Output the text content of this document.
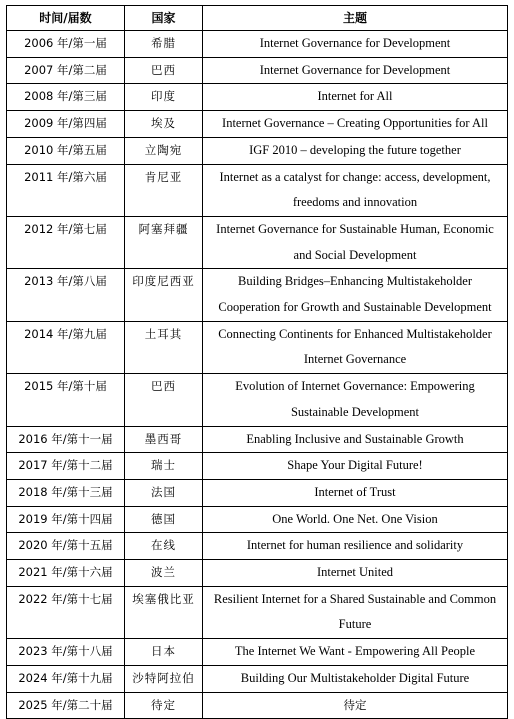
时间/届数	国家	主题
2006 年/第一届	希腊	Internet Governance for Development
2007 年/第二届	巴西	Internet Governance for Development
2008 年/第三届	印度	Internet for All
2009 年/第四届	埃及	Internet Governance – Creating Opportunities for All
2010 年/第五届	立陶宛	IGF 2010 – developing the future together
2011 年/第六届	肯尼亚	Internet as a catalyst for change: access, development, freedoms and innovation
2012 年/第七届	阿塞拜疆	Internet Governance for Sustainable Human, Economic and Social Development
2013 年/第八届	印度尼西亚	Building Bridges–Enhancing Multistakeholder Cooperation for Growth and Sustainable Development
2014 年/第九届	土耳其	Connecting Continents for Enhanced Multistakeholder Internet Governance
2015 年/第十届	巴西	Evolution of Internet Governance: Empowering Sustainable Development
2016 年/第十一届	墨西哥	Enabling Inclusive and Sustainable Growth
2017 年/第十二届	瑞士	Shape Your Digital Future!
2018 年/第十三届	法国	Internet of Trust
2019 年/第十四届	德国	One World. One Net. One Vision
2020 年/第十五届	在线	Internet for human resilience and solidarity
2021 年/第十六届	波兰	Internet United
2022 年/第十七届	埃塞俄比亚	Resilient Internet for a Shared Sustainable and Common Future
2023 年/第十八届	日本	The Internet We Want - Empowering All People
2024 年/第十九届	沙特阿拉伯	Building Our Multistakeholder Digital Future
2025 年/第二十届	待定	待定
